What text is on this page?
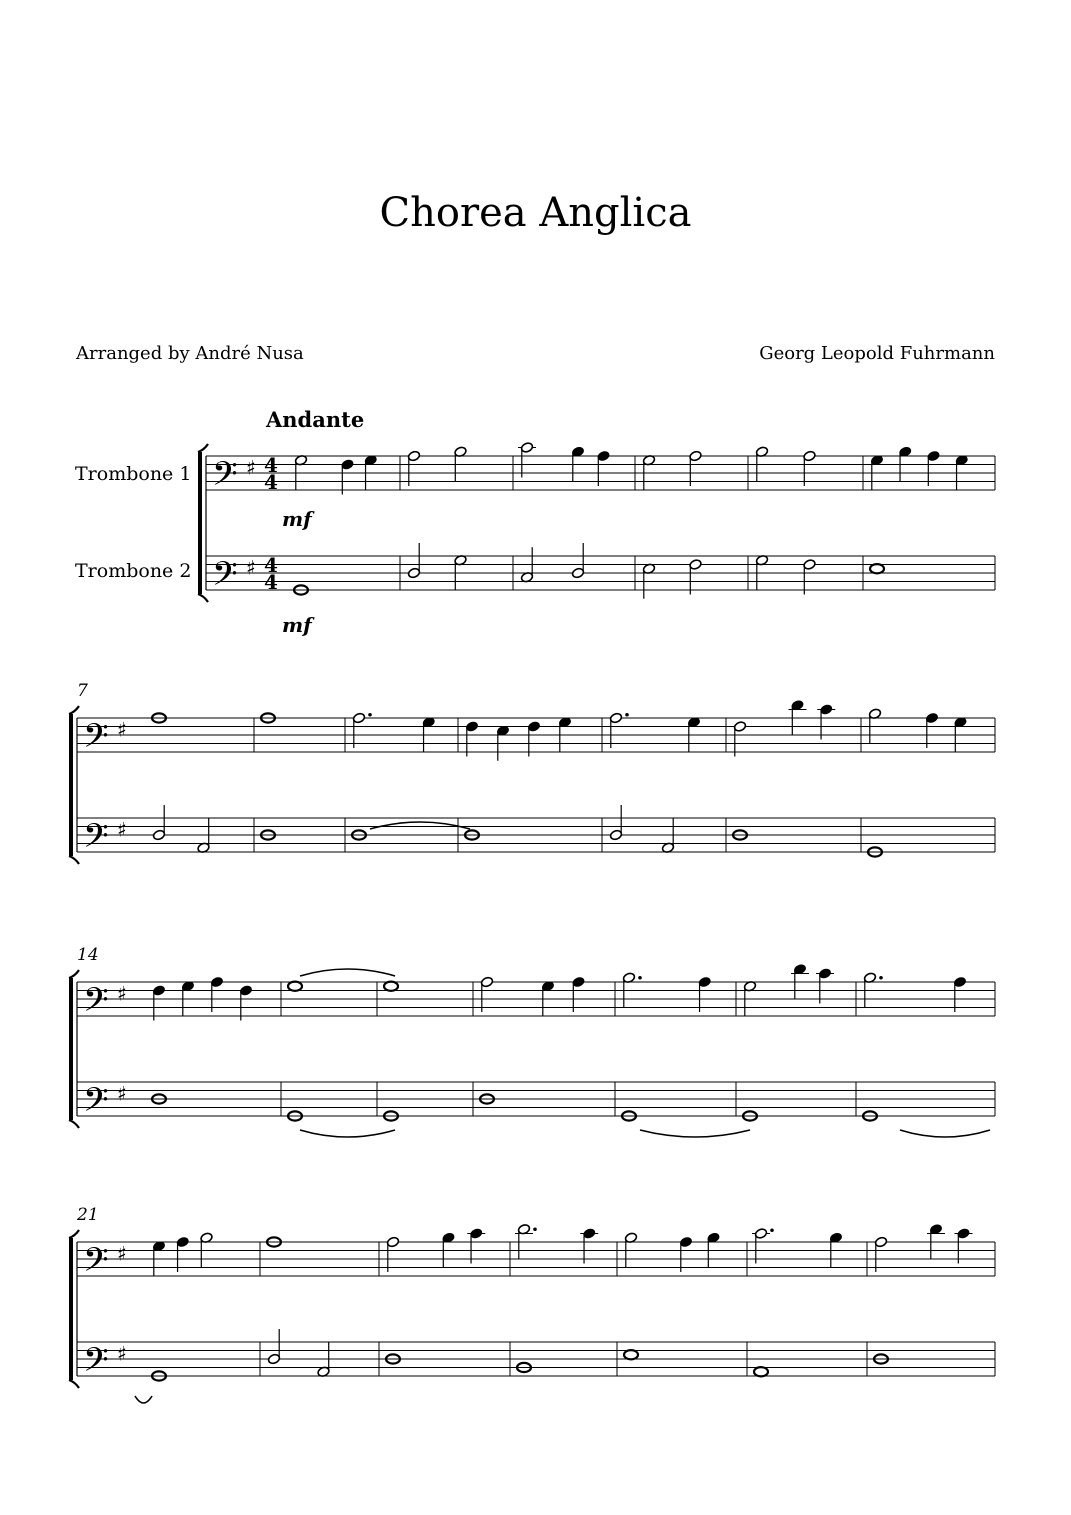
Chorea Anglica
Arranged by André Nusa	Georg Leopold Fuhrmann
Andante
Trombone 1
Trombone 2
𝄢 ♯ 4
4
𝄢 ♯ 4
4
mf
mf
𝄢 ♯
𝄢 ♯
7
𝄢 ♯
𝄢 ♯
14
𝄢 ♯
𝄢 ♯
21
